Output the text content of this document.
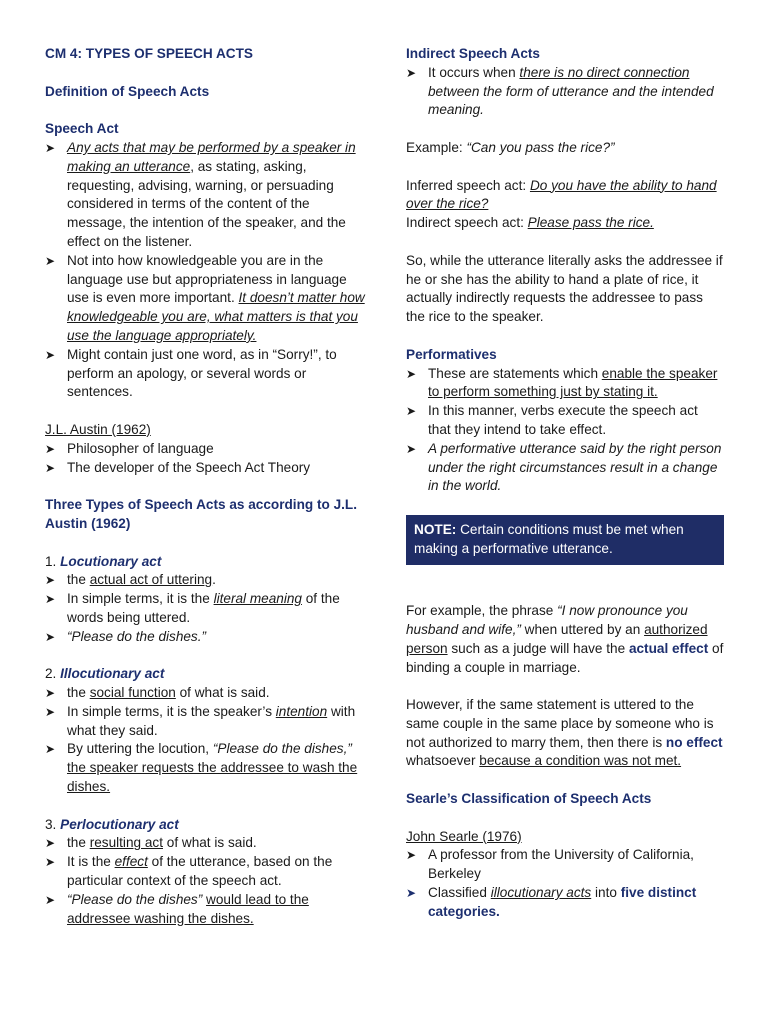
CM 4: TYPES OF SPEECH ACTS

Definition of Speech Acts

Speech Act

➤ Any acts that may be performed by a speaker in making an utterance, as stating, asking, requesting, advising, warning, or persuading considered in terms of the content of the message, the intention of the speaker, and the effect on the listener.
➤ Not into how knowledgeable you are in the language use but appropriateness in language use is even more important. It doesn’t matter how knowledgeable you are, what matters is that you use the language appropriately.
➤ Might contain just one word, as in “Sorry!”, to perform an apology, or several words or sentences.

J.L. Austin (1962)

➤ Philosopher of language
➤ The developer of the Speech Act Theory

Three Types of Speech Acts as according to J.L. Austin (1962)

1. Locutionary act

➤ the actual act of uttering.
➤ In simple terms, it is the literal meaning of the words being uttered.
➤ “Please do the dishes.”

2. Illocutionary act

➤ the social function of what is said.
➤ In simple terms, it is the speaker’s intention with what they said.
➤ By uttering the locution, “Please do the dishes,” the speaker requests the addressee to wash the dishes.

3. Perlocutionary act

➤ the resulting act of what is said.
➤ It is the effect of the utterance, based on the particular context of the speech act.
➤ “Please do the dishes” would lead to the addressee washing the dishes.

Indirect Speech Acts

➤ It occurs when there is no direct connection between the form of utterance and the intended meaning.

Example: “Can you pass the rice?”

Inferred speech act: Do you have the ability to hand over the rice?

Indirect speech act: Please pass the rice.

So, while the utterance literally asks the addressee if he or she has the ability to hand a plate of rice, it actually indirectly requests the addressee to pass the rice to the speaker.

Performatives

➤ These are statements which enable the speaker to perform something just by stating it.
➤ In this manner, verbs execute the speech act that they intend to take effect.
➤ A performative utterance said by the right person under the right circumstances result in a change in the world.
NOTE: Certain conditions must be met when making a performative utterance.

For example, the phrase “I now pronounce you husband and wife,” when uttered by an authorized person such as a judge will have the actual effect of binding a couple in marriage.

However, if the same statement is uttered to the same couple in the same place by someone who is not authorized to marry them, then there is no effect whatsoever because a condition was not met.

Searle’s Classification of Speech Acts

John Searle (1976)

➤ A professor from the University of California, Berkeley
➤ Classified illocutionary acts into five distinct categories.
